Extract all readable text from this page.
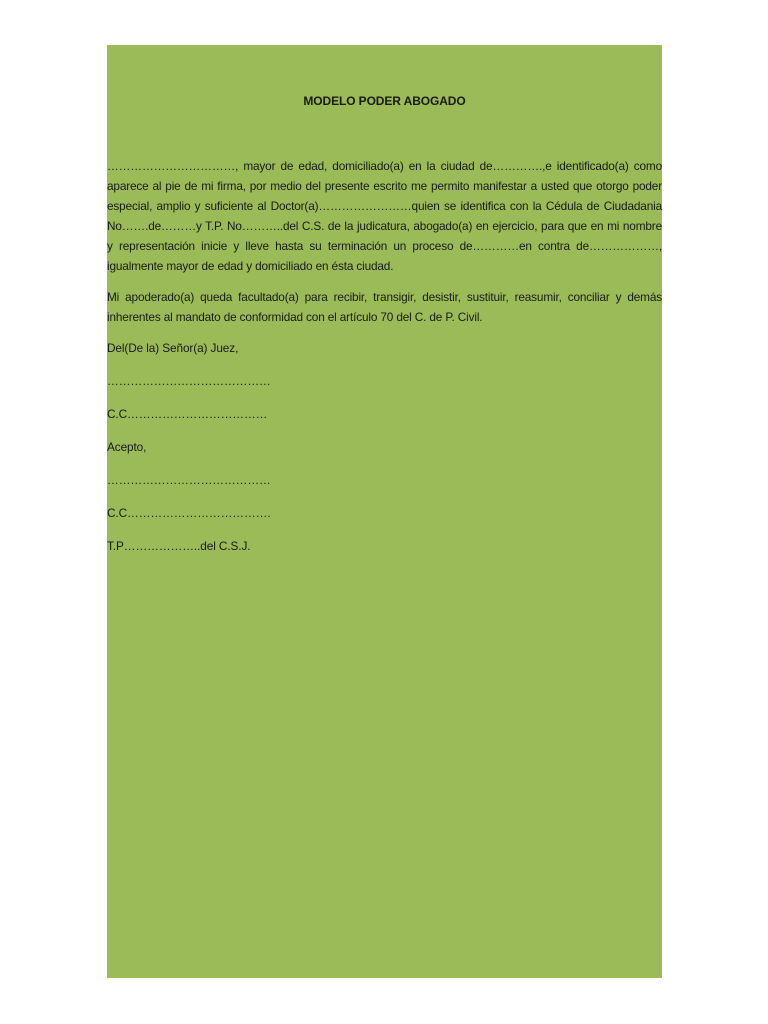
MODELO PODER ABOGADO

……………………………, mayor de edad, domiciliado(a) en la ciudad de………….,e identificado(a) como aparece al pie de mi firma, por medio del presente escrito me permito manifestar a usted que otorgo poder especial, amplio y suficiente al Doctor(a)……………………quien se identifica con la Cédula de Ciudadania No…….de………y T.P. No………..del C.S. de la judicatura, abogado(a) en ejercicio, para que en mi nombre y representación inicie y lleve hasta su terminación un proceso de…………en contra de………………, igualmente mayor de edad y domiciliado en ésta ciudad.

Mi apoderado(a) queda facultado(a) para recibir, transigir, desistir, sustituir, reasumir, conciliar y demás inherentes al mandato de conformidad con el artículo 70 del C. de P. Civil.

Del(De la) Señor(a) Juez,

……………………………………

C.C………………………………

Acepto,

……………………………………

C.C……………………………….

T.P………………..del C.S.J.
